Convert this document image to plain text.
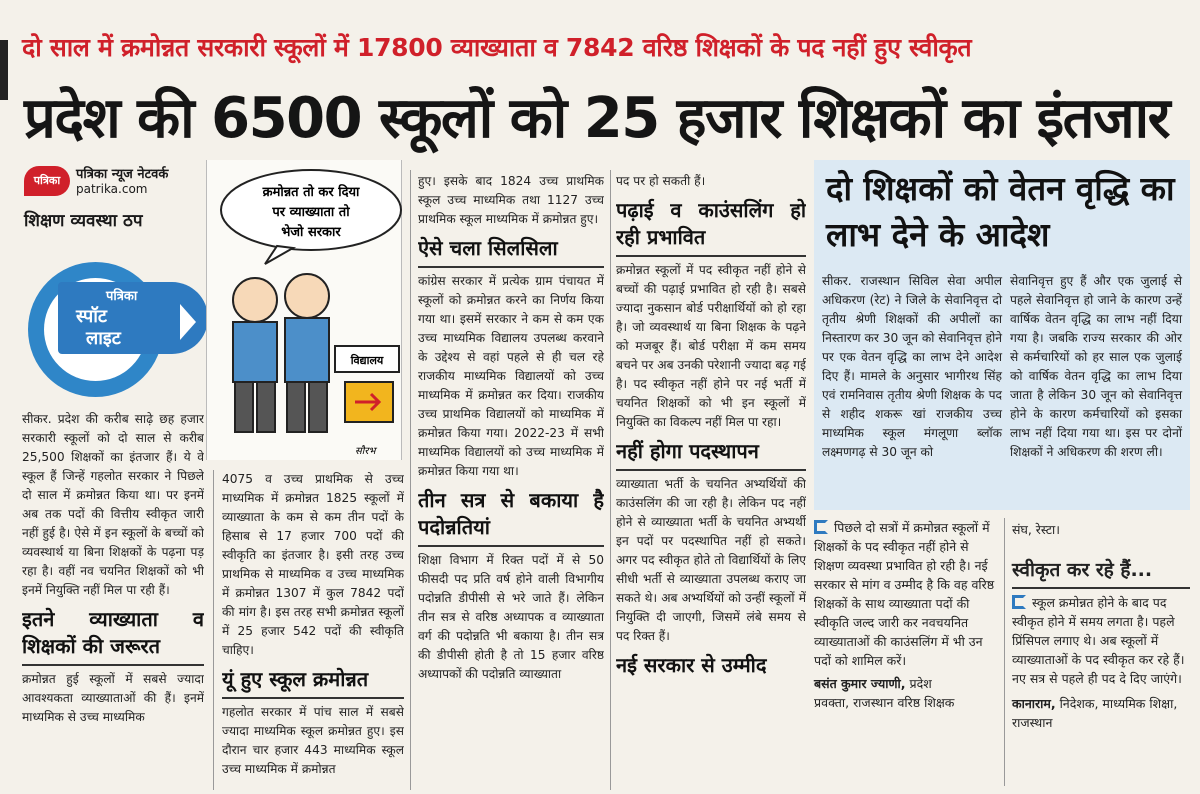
दो साल में क्रमोन्नत सरकारी स्कूलों में 17800 व्याख्याता व 7842 वरिष्ठ शिक्षकों के पद नहीं हुए स्वीकृत
प्रदेश की 6500 स्कूलों को 25 हजार शिक्षकों का इंतजार
पत्रिका	पत्रिका न्यूज नेटवर्क
patrika.com
शिक्षण व्यवस्था ठप
पत्रिका
स्पॉट
लाइट
क्रमोन्नत तो कर दिया
पर व्याख्याता तो
भेजो सरकार
विद्यालय
सौरभ

सीकर. प्रदेश की करीब साढ़े छह हजार सरकारी स्कूलों को दो साल से करीब 25,500 शिक्षकों का इंतजार हैं। ये वे स्कूल हैं जिन्हें गहलोत सरकार ने पिछले दो साल में क्रमोन्नत किया था। पर इनमें अब तक पदों की वित्तीय स्वीकृत जारी नहीं हुई है। ऐसे में इन स्कूलों के बच्चों को व्यवस्थार्थ या बिना शिक्षकों के पढ़ना पड़ रहा है। वहीं नव चयनित शिक्षकों को भी इनमें नियुक्ति नहीं मिल पा रही हैं।

इतने व्याख्याता व शिक्षकों की जरूरत

क्रमोन्नत हुई स्कूलों में सबसे ज्यादा आवश्यकता व्याख्याताओं की हैं। इनमें माध्यमिक से उच्च माध्यमिक

4075 व उच्च प्राथमिक से उच्च माध्यमिक में क्रमोन्नत 1825 स्कूलों में व्याख्याता के कम से कम तीन पदों के हिसाब से 17 हजार 700 पदों की स्वीकृति का इंतजार है। इसी तरह उच्च प्राथमिक से माध्यमिक व उच्च माध्यमिक में क्रमोन्नत 1307 में कुल 7842 पदों की मांग है। इस तरह सभी क्रमोन्नत स्कूलों में 25 हजार 542 पदों की स्वीकृति चाहिए।

यूं हुए स्कूल क्रमोन्नत

गहलोत सरकार में पांच साल में सबसे ज्यादा माध्यमिक स्कूल क्रमोन्नत हुए। इस दौरान चार हजार 443 माध्यमिक स्कूल उच्च माध्यमिक में क्रमोन्नत

हुए। इसके बाद 1824 उच्च प्राथमिक स्कूल उच्च माध्यमिक तथा 1127 उच्च प्राथमिक स्कूल माध्यमिक में क्रमोन्नत हुए।

ऐसे चला सिलसिला

कांग्रेस सरकार में प्रत्येक ग्राम पंचायत में स्कूलों को क्रमोन्नत करने का निर्णय किया गया था। इसमें सरकार ने कम से कम एक उच्च माध्यमिक विद्यालय उपलब्ध करवाने के उद्देश्य से वहां पहले से ही चल रहे राजकीय माध्यमिक विद्यालयों को उच्च माध्यमिक में क्रमोन्नत कर दिया। राजकीय उच्च प्राथमिक विद्यालयों को माध्यमिक में क्रमोन्नत किया गया। 2022-23 में सभी माध्यमिक विद्यालयों को उच्च माध्यमिक में क्रमोन्नत किया गया था।

तीन सत्र से बकाया है पदोन्नतियां

शिक्षा विभाग में रिक्त पदों में से 50 फीसदी पद प्रति वर्ष होने वाली विभागीय पदोन्नति डीपीसी से भरे जाते हैं। लेकिन तीन सत्र से वरिष्ठ अध्यापक व व्याख्याता वर्ग की पदोन्नति भी बकाया है। तीन सत्र की डीपीसी होती है तो 15 हजार वरिष्ठ अध्यापकों की पदोन्नति व्याख्याता

पद पर हो सकती हैं।

पढ़ाई व काउंसलिंग हो रही प्रभावित

क्रमोन्नत स्कूलों में पद स्वीकृत नहीं होने से बच्चों की पढ़ाई प्रभावित हो रही है। सबसे ज्यादा नुकसान बोर्ड परीक्षार्थियों को हो रहा है। जो व्यवस्थार्थ या बिना शिक्षक के पढ़ने को मजबूर हैं। बोर्ड परीक्षा में कम समय बचने पर अब उनकी परेशानी ज्यादा बढ़ गई है। पद स्वीकृत नहीं होने पर नई भर्ती में चयनित शिक्षकों को भी इन स्कूलों में नियुक्ति का विकल्प नहीं मिल पा रहा।

नहीं होगा पदस्थापन

व्याख्याता भर्ती के चयनित अभ्यर्थियों की काउंसलिंग की जा रही है। लेकिन पद नहीं होने से व्याख्याता भर्ती के चयनित अभ्यर्थी इन पदों पर पदस्थापित नहीं हो सकते। अगर पद स्वीकृत होते तो विद्यार्थियों के लिए सीधी भर्ती से व्याख्याता उपलब्ध कराए जा सकते थे। अब अभ्यर्थियों को उन्हीं स्कूलों में नियुक्ति दी जाएगी, जिसमें लंबे समय से पद रिक्त हैं।

नई सरकार से उम्मीद
दो शिक्षकों को वेतन वृद्धि का लाभ देने के आदेश
सीकर. राजस्थान सिविल सेवा अपील अधिकरण (रेट) ने जिले के सेवानिवृत्त दो तृतीय श्रेणी शिक्षकों की अपीलों का निस्तारण कर 30 जून को सेवानिवृत्त होने पर एक वेतन वृद्धि का लाभ देने आदेश दिए हैं। मामले के अनुसार भागीरथ सिंह एवं रामनिवास तृतीय श्रेणी शिक्षक के पद से शहीद शकरू खां राजकीय उच्च माध्यमिक स्कूल मंगलूणा ब्लॉक लक्ष्मणगढ़ से 30 जून को
सेवानिवृत्त हुए हैं और एक जुलाई से पहले सेवानिवृत्त हो जाने के कारण उन्हें वार्षिक वेतन वृद्धि का लाभ नहीं दिया गया है। जबकि राज्य सरकार की ओर से कर्मचारियों को हर साल एक जुलाई को वार्षिक वेतन वृद्धि का लाभ दिया जाता है लेकिन 30 जून को सेवानिवृत्त होने के कारण कर्मचारियों को इसका लाभ नहीं दिया गया था। इस पर दोनों शिक्षकों ने अधिकरण की शरण ली।

पिछले दो सत्रों में क्रमोन्नत स्कूलों में शिक्षकों के पद स्वीकृत नहीं होने से शिक्षण व्यवस्था प्रभावित हो रही है। नई सरकार से मांग व उम्मीद है कि वह वरिष्ठ शिक्षकों के साथ व्याख्याता पदों की स्वीकृति जल्द जारी कर नवचयनित व्याख्याताओं की काउंसलिंग में भी उन पदों को शामिल करें।

बसंत कुमार ज्याणी, प्रदेश
प्रवक्ता, राजस्थान वरिष्ठ शिक्षक

संघ, रेस्टा।

स्वीकृत कर रहे हैं...

स्कूल क्रमोन्नत होने के बाद पद स्वीकृत होने में समय लगता है। पहले प्रिंसिपल लगाए थे। अब स्कूलों में व्याख्याताओं के पद स्वीकृत कर रहे हैं। नए सत्र से पहले ही पद दे दिए जाएंगे।

कानाराम, निदेशक, माध्यमिक शिक्षा, राजस्थान
